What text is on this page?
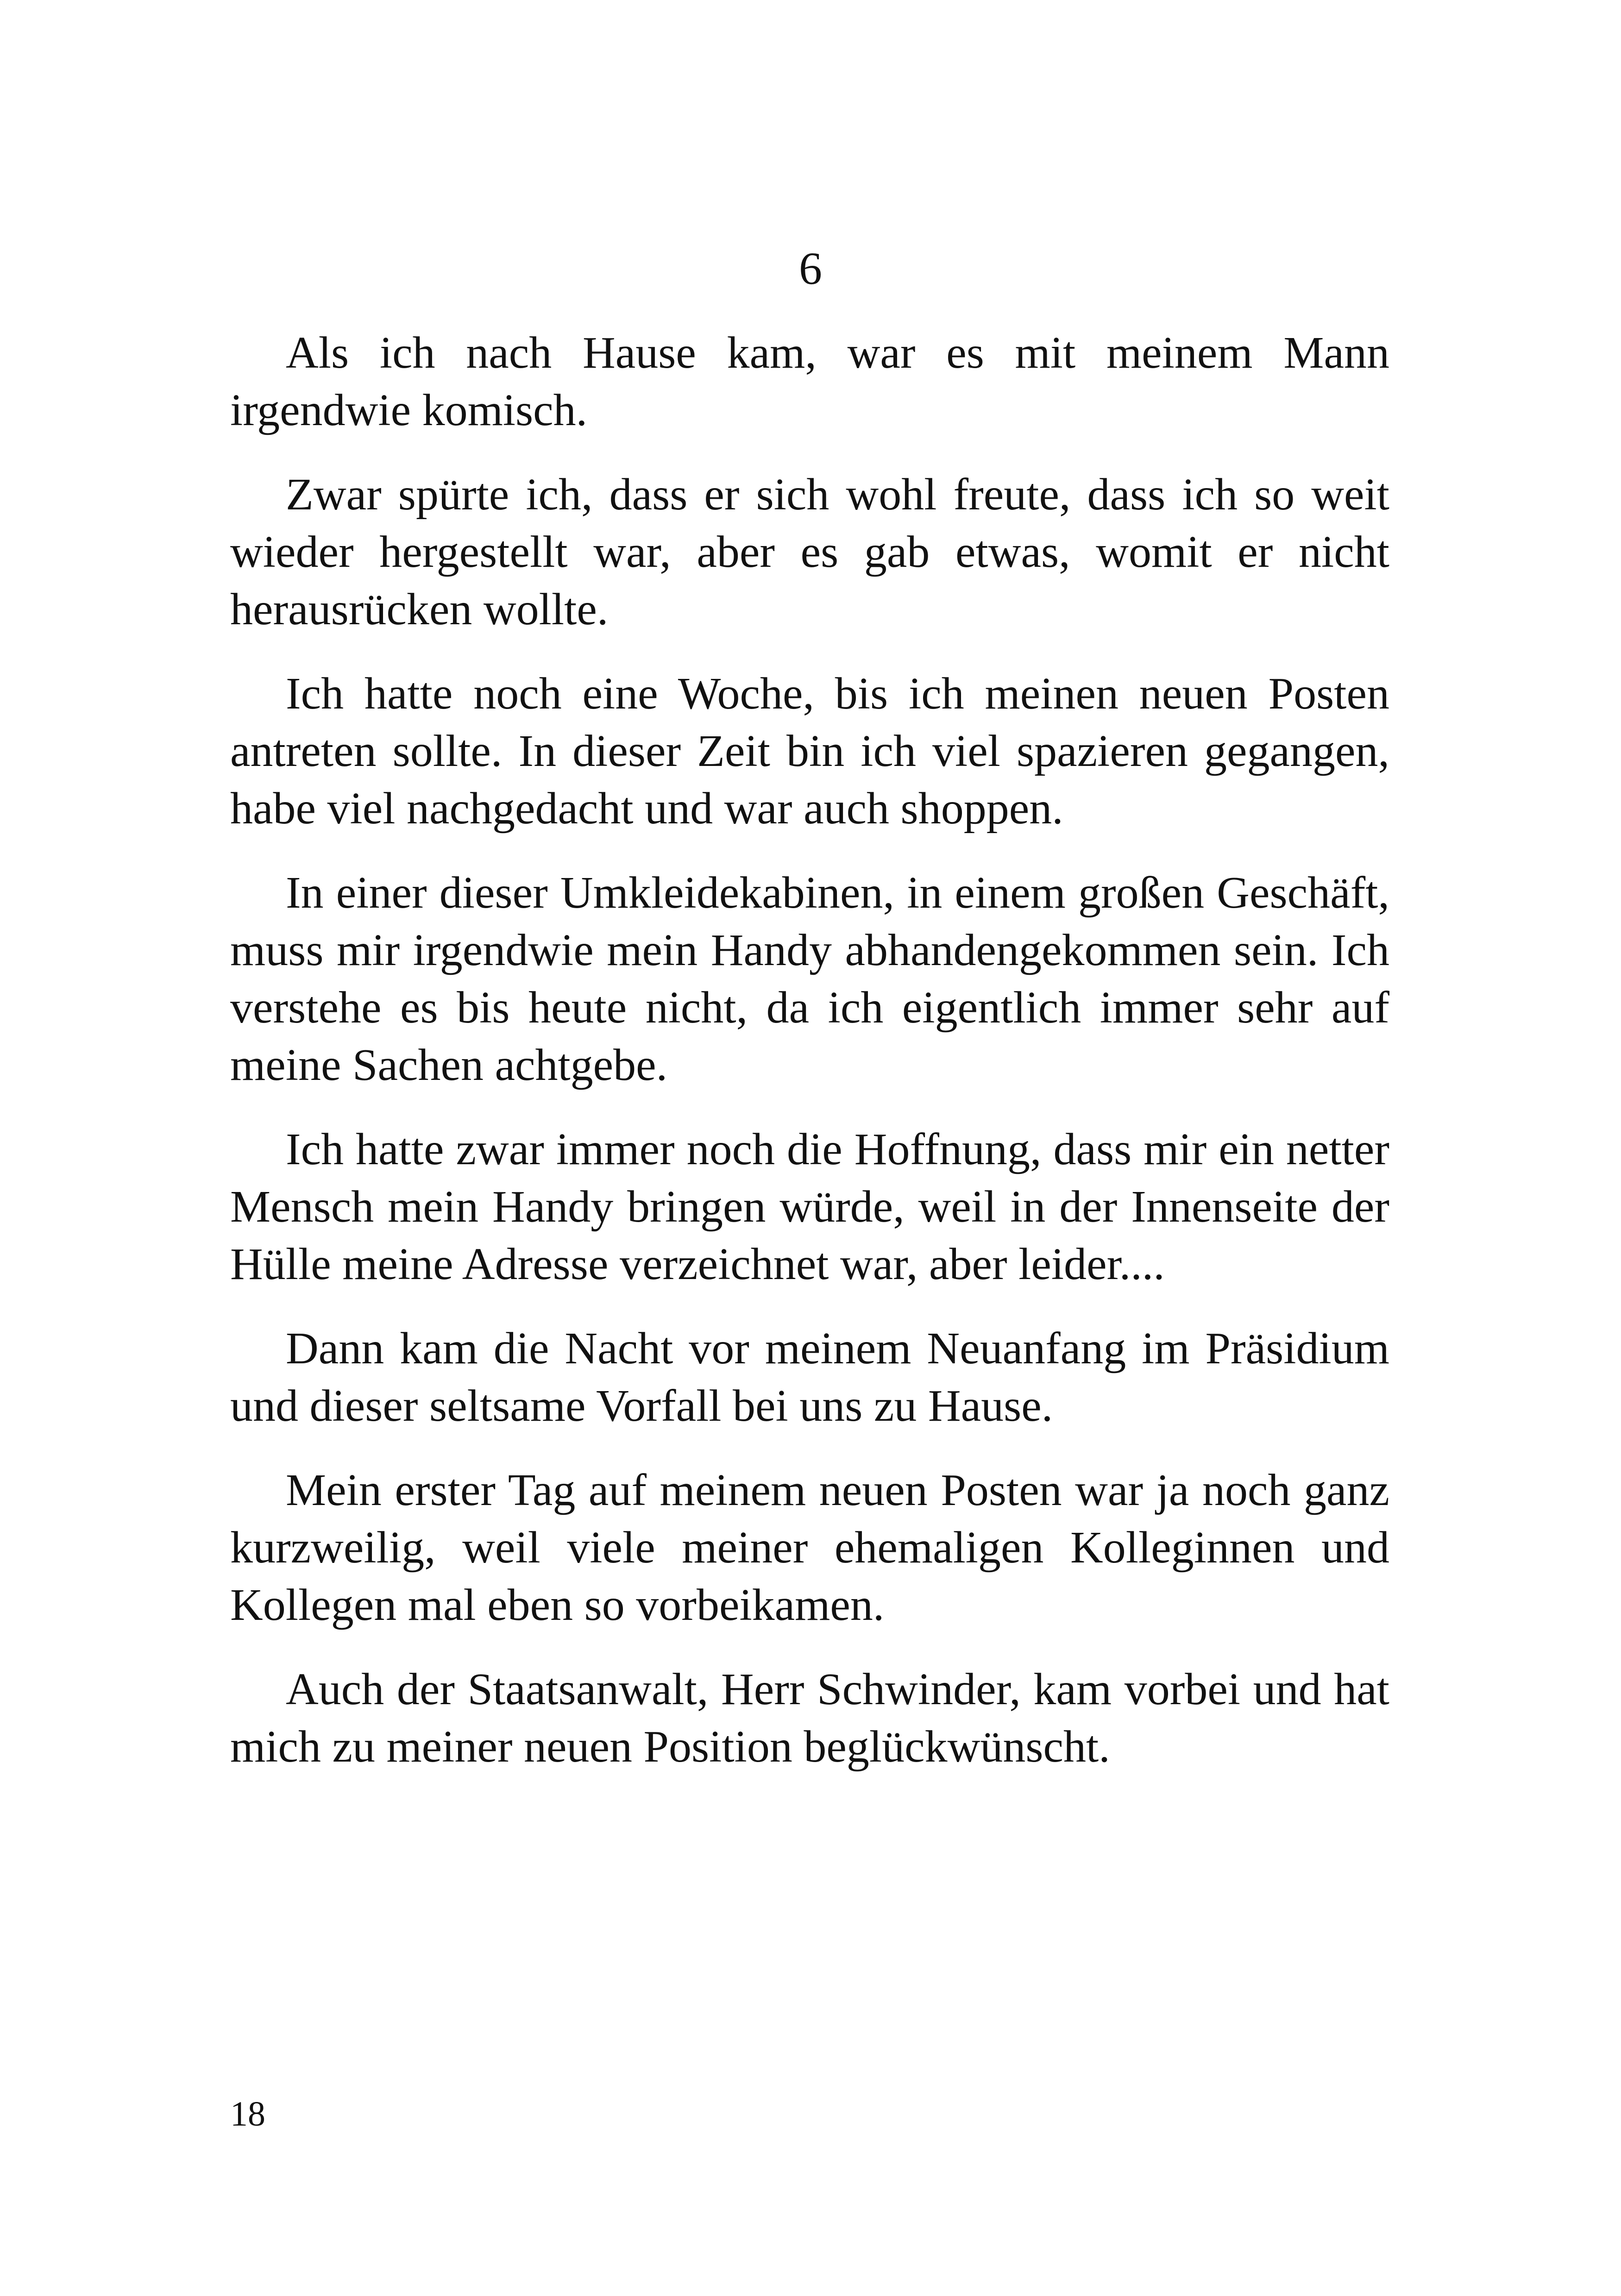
6

Als ich nach Hause kam, war es mit meinem Mann irgendwie komisch.

Zwar spürte ich, dass er sich wohl freute, dass ich so weit wieder hergestellt war, aber es gab etwas, womit er nicht herausrücken wollte.

Ich hatte noch eine Woche, bis ich meinen neuen Posten antreten sollte. In dieser Zeit bin ich viel spazieren gegangen, habe viel nachgedacht und war auch shoppen.

In einer dieser Umkleidekabinen, in einem großen Geschäft, muss mir irgendwie mein Handy abhandengekommen sein. Ich verstehe es bis heute nicht, da ich eigentlich immer sehr auf meine Sachen achtgebe.

Ich hatte zwar immer noch die Hoffnung, dass mir ein netter Mensch mein Handy bringen würde, weil in der Innenseite der Hülle meine Adresse verzeichnet war, aber leider....

Dann kam die Nacht vor meinem Neuanfang im Präsidium und dieser seltsame Vorfall bei uns zu Hause.

Mein erster Tag auf meinem neuen Posten war ja noch ganz kurzweilig, weil viele meiner ehemaligen Kolleginnen und Kollegen mal eben so vorbeikamen.

Auch der Staatsanwalt, Herr Schwinder, kam vorbei und hat mich zu meiner neuen Position beglückwünscht.

18
